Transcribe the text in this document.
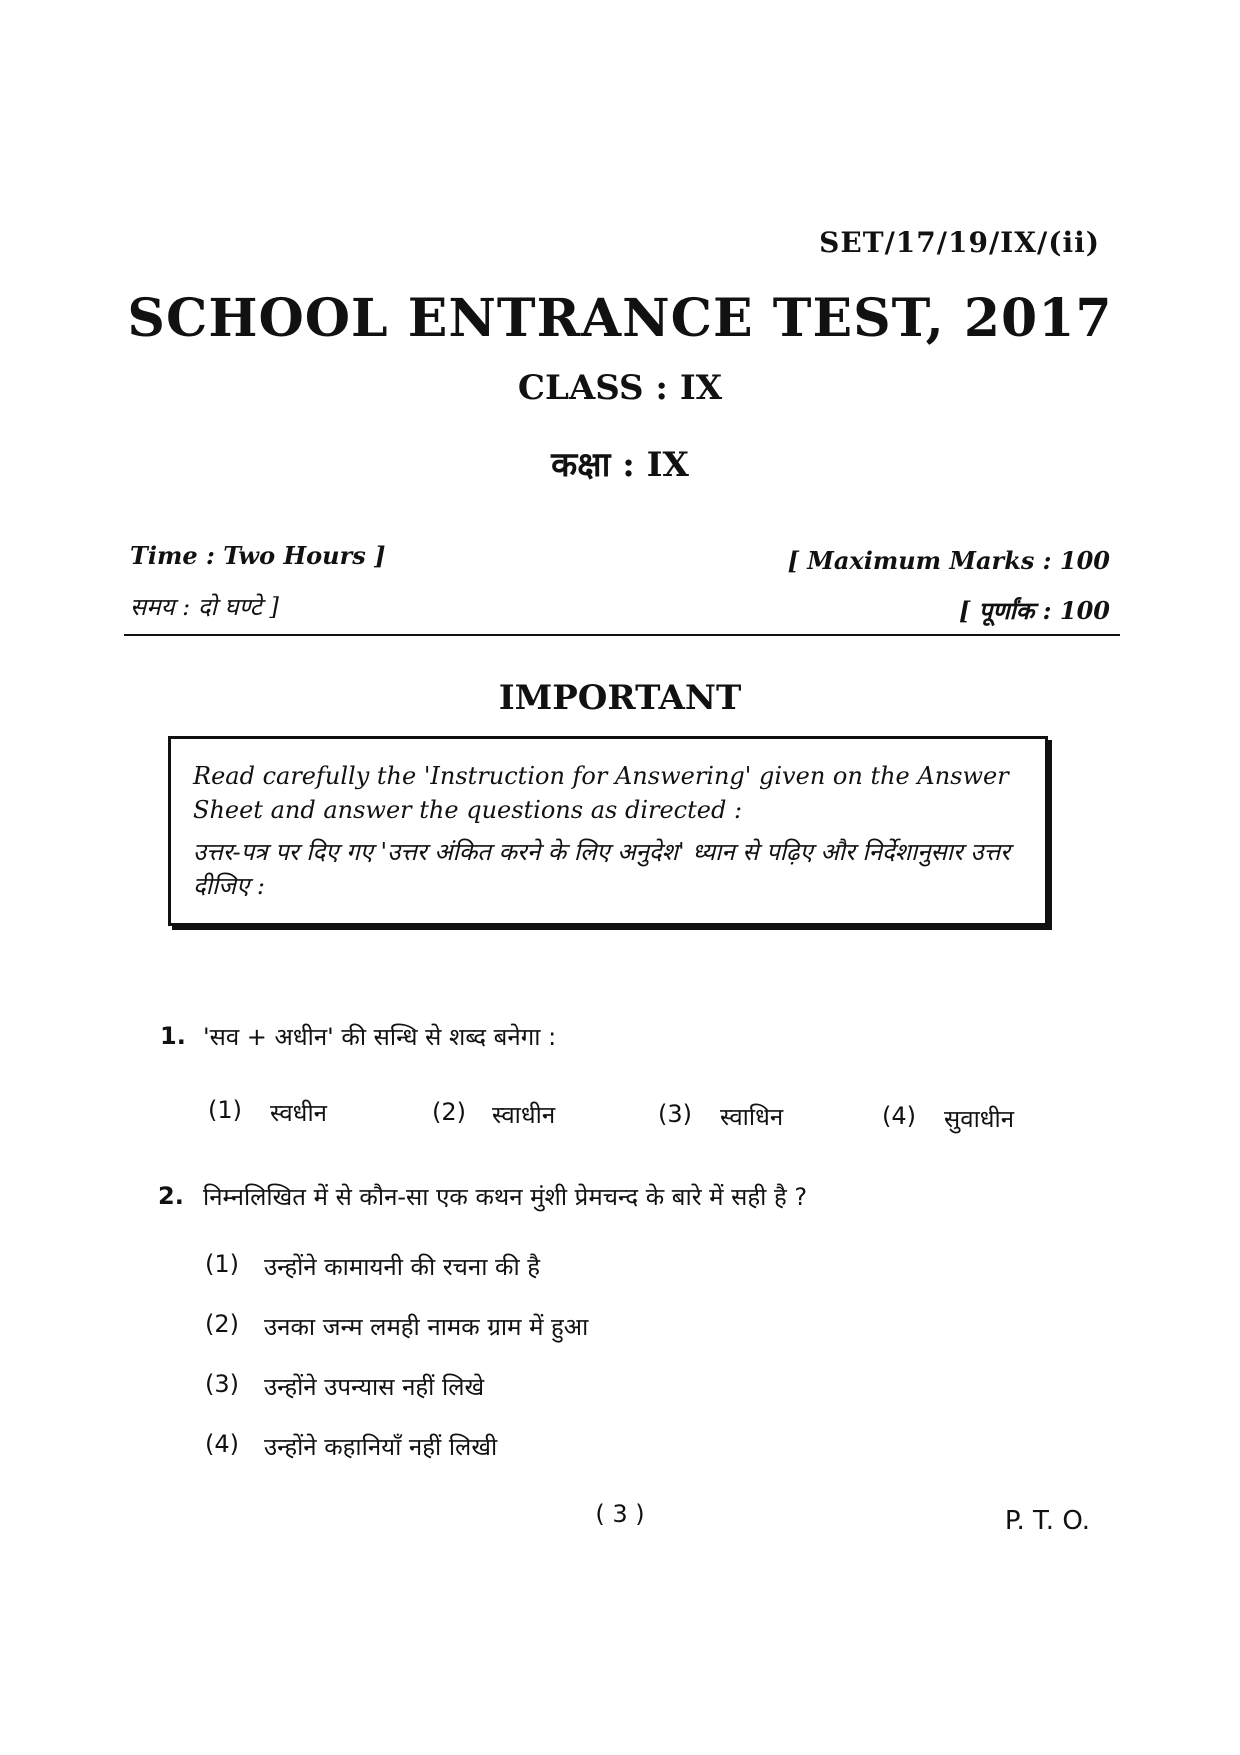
SET/17/19/IX/(ii)
SCHOOL ENTRANCE TEST, 2017
CLASS : IX
कक्षा : IX
Time : Two Hours ]
समय : दो घण्टे ]
[ Maximum Marks : 100
[ पूर्णांक : 100
IMPORTANT
Read carefully the 'Instruction for Answering' given on the Answer Sheet and answer the questions as directed :
उत्तर-पत्र पर दिए गए 'उत्तर अंकित करने के लिए अनुदेश' ध्यान से पढ़िए और निर्देशानुसार उत्तर दीजिए :
1. 'सव + अधीन' की सन्धि से शब्द बनेगा :
(1) स्वधीन	(2) स्वाधीन	(3) स्वाधिन	(4) सुवाधीन
2. निम्नलिखित में से कौन-सा एक कथन मुंशी प्रेमचन्द के बारे में सही है ?
(1) उन्होंने कामायनी की रचना की है
(2) उनका जन्म लमही नामक ग्राम में हुआ
(3) उन्होंने उपन्यास नहीं लिखे
(4) उन्होंने कहानियाँ नहीं लिखी
( 3 )	P. T. O.
